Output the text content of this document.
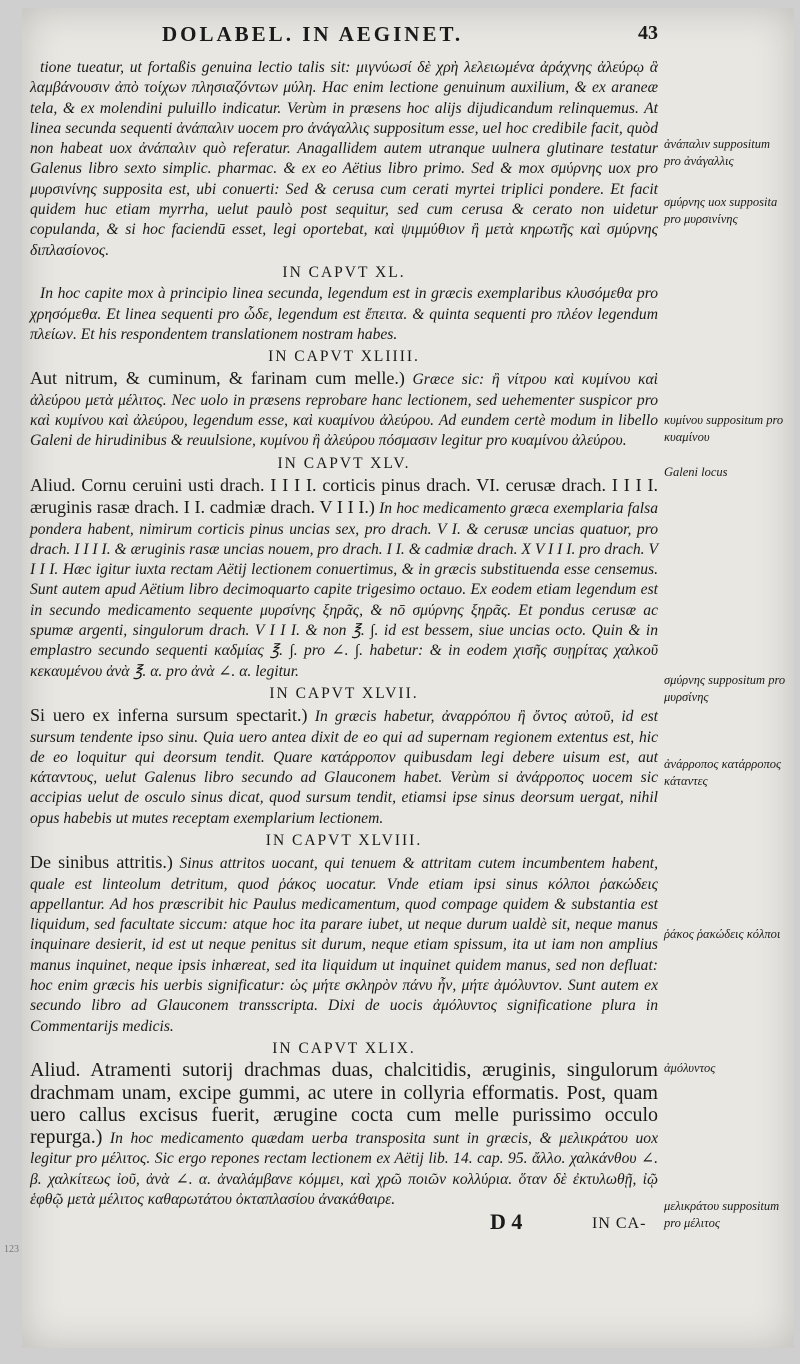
DOLABEL. IN AEGINET.	43

tione tueatur, ut fortaßis genuina lectio talis sit: μιγνύωσί δὲ χρὴ λελειωμένα ἀράχνης ἀλεύρῳ ἃ λαμβάνουσιν ἀπὸ τοίχων πλησιαζόντων μύλη. Hac enim lectione genuinum auxilium, & ex araneæ tela, & ex molendini puluillo indicatur. Verùm in præsens hoc alijs dijudicandum relinquemus. At linea secunda sequenti ἀνάπαλιν uocem pro ἀνάγαλλις suppositum esse, uel hoc credibile facit, quòd non habeat uox ἀνάπαλιν quò referatur. Anagallidem autem utranque uulnera glutinare testatur Galenus libro sexto simplic. pharmac. & ex eo Aëtius libro primo. Sed & mox σμύρνης uox pro μυρσινίνης supposita est, ubi conuerti: Sed & cerusa cum cerati myrtei triplici pondere. Et facit quidem huc etiam myrrha, uelut paulò post sequitur, sed cum cerusa & cerato non uidetur copulanda, & si hoc faciendū esset, legi oportebat, καὶ ψιμμύθιον ἢ μετὰ κηρωτῆς καὶ σμύρνης διπλασίονος.

IN CAPVT XL.

In hoc capite mox à principio linea secunda, legendum est in græcis exemplaribus κλυσόμεθα pro χρησόμεθα. Et linea sequenti pro ὧδε, legendum est ἔπειτα. & quinta sequenti pro πλέον legendum πλείων. Et his respondentem translationem nostram habes.

IN CAPVT XLIIII.

Aut nitrum, & cuminum, & farinam cum melle.) Græce sic: ἢ νίτρου καὶ κυμίνου καὶ ἀλεύρου μετὰ μέλιτος. Nec uolo in præsens reprobare hanc lectionem, sed uehementer suspicor pro καὶ κυμίνου καὶ ἀλεύρου, legendum esse, καὶ κυαμίνου ἀλεύρου. Ad eundem certè modum in libello Galeni de hirudinibus & reuulsione, κυμίνου ἢ ἀλεύρου πόσμασιν legitur pro κυαμίνου ἀλεύρου.

IN CAPVT XLV.

Aliud. Cornu ceruini usti drach. I I I I. corticis pinus drach. VI. cerusæ drach. I I I I. æruginis rasæ drach. I I. cadmiæ drach. V I I I.) In hoc medicamento græca exemplaria falsa pondera habent, nimirum corticis pinus uncias sex, pro drach. V I. & cerusæ uncias quatuor, pro drach. I I I I. & æruginis rasæ uncias nouem, pro drach. I I. & cadmiæ drach. X V I I I. pro drach. V I I I. Hæc igitur iuxta rectam Aëtij lectionem conuertimus, & in græcis substituenda esse censemus. Sunt autem apud Aëtium libro decimoquarto capite trigesimo octauo. Ex eodem etiam legendum est in secundo medicamento sequente μυρσίνης ξηρᾶς, & nō σμύρνης ξηρᾶς. Et pondus cerusæ ac spumæ argenti, singulorum drach. V I I I. & non ℥. ∫. id est bessem, siue uncias octo. Quin & in emplastro secundo sequenti καδμίας ℥. ∫. pro ∠. ∫. habetur: & in eodem χισῆς συῃρίτας χαλκοῦ κεκαυμένου ἀνὰ ℥. α. pro ἀνὰ ∠. α. legitur.

IN CAPVT XLVII.

Si uero ex inferna sursum spectarit.) In græcis habetur, ἀναρρόπου ἢ ὄντος αὐτοῦ, id est sursum tendente ipso sinu. Quia uero antea dixit de eo qui ad supernam regionem extentus est, hic de eo loquitur qui deorsum tendit. Quare κατάρροπον quibusdam legi debere uisum est, aut κάταντους, uelut Galenus libro secundo ad Glauconem habet. Verùm si ἀνάρροπος uocem sic accipias uelut de osculo sinus dicat, quod sursum tendit, etiamsi ipse sinus deorsum uergat, nihil opus habebis ut mutes receptam exemplarium lectionem.

IN CAPVT XLVIII.

De sinibus attritis.) Sinus attritos uocant, qui tenuem & attritam cutem incumbentem habent, quale est linteolum detritum, quod ῥάκος uocatur. Vnde etiam ipsi sinus κόλποι ῥακώδεις appellantur. Ad hos præscribit hic Paulus medicamentum, quod compage quidem & substantia est liquidum, sed facultate siccum: atque hoc ita parare iubet, ut neque durum ualdè sit, neque manus inquinare desierit, id est ut neque penitus sit durum, neque etiam spissum, ita ut iam non amplius manus inquinet, neque ipsis inhæreat, sed ita liquidum ut inquinet quidem manus, sed non defluat: hoc enim græcis his uerbis significatur: ὡς μήτε σκληρὸν πάνυ ἦν, μήτε ἀμόλυντον. Sunt autem ex secundo libro ad Glauconem transscripta. Dixi de uocis ἀμόλυντος significatione plura in Commentarijs medicis.

IN CAPVT XLIX.

Aliud. Atramenti sutorij drachmas duas, chalcitidis, æruginis, singulorum drachmam unam, excipe gummi, ac utere in collyria efformatis. Post, quam uero callus excisus fuerit, ærugine cocta cum melle purissimo occulo repurga.) In hoc medicamento quædam uerba transposita sunt in græcis, & μελικράτου uox legitur pro μέλιτος. Sic ergo repones rectam lectionem ex Aëtij lib. 14. cap. 95. ἄλλο. χαλκάνθου ∠. β. χαλκίτεως ἰοῦ, ἀνὰ ∠. α. ἀναλάμβανε κόμμει, καὶ χρῶ ποιῶν κολλύρια. ὅταν δὲ ἐκτυλωθῇ, ἰῷ ἑφθῷ μετὰ μέλιτος καθαρωτάτου ὀκταπλασίου ἀνακάθαιρε.

D 4	IN CA-
ἀνάπαλιν suppositum pro ἀνάγαλλις
σμύρνης uox supposita pro μυρσινίνης
κυμίνου suppositum pro κυαμίνου
Galeni locus
σμύρνης suppositum pro μυρσίνης
ἀνάρροπος κατάρροπος κάταντες
ῥάκος ῥακώδεις κόλποι
ἀμόλυντος
μελικράτου suppositum pro μέλιτος
123
